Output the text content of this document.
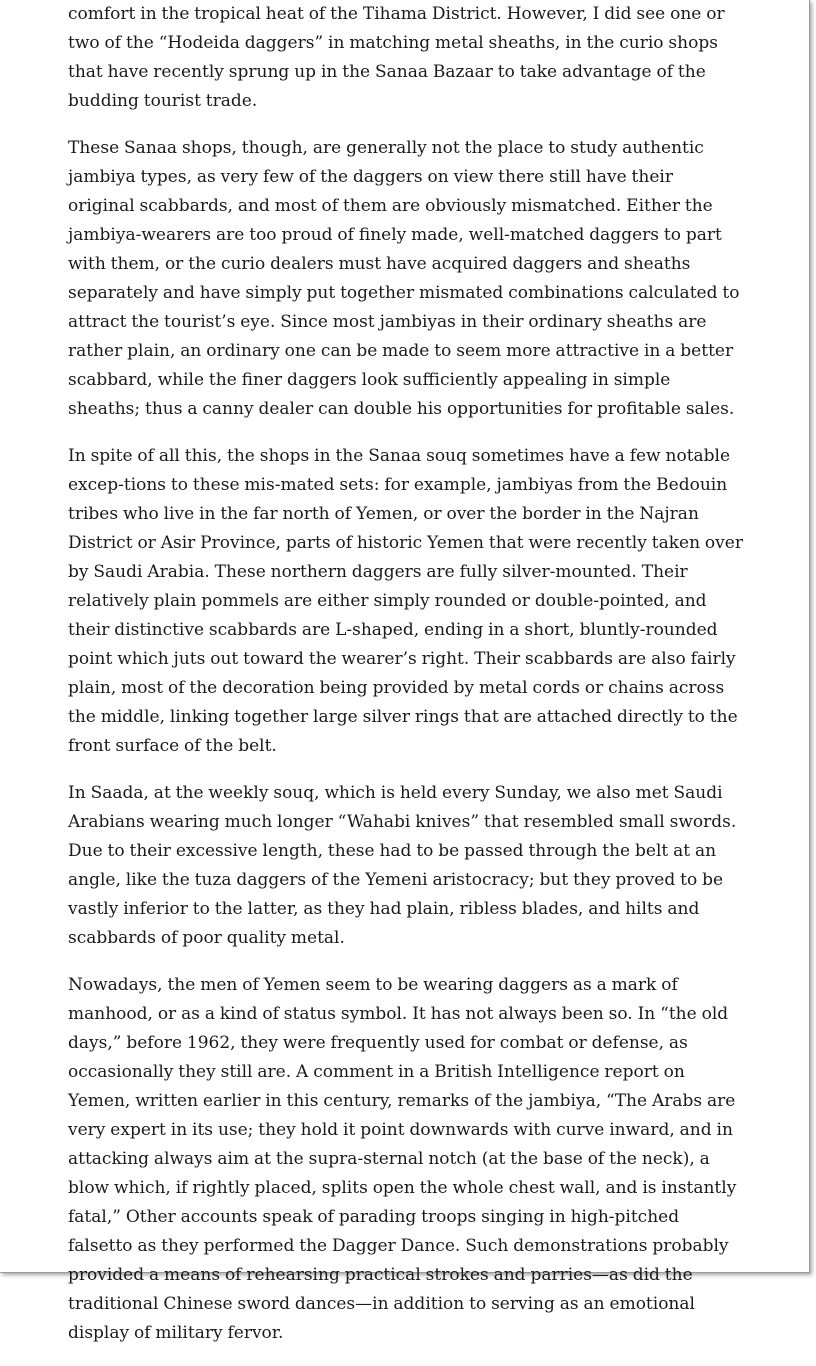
comfort in the tropical heat of the Tihama District. However, I did see one or two of the “Hodeida daggers” in matching metal sheaths, in the curio shops that have recently sprung up in the Sanaa Bazaar to take advantage of the budding tourist trade.

These Sanaa shops, though, are generally not the place to study authentic jambiya types, as very few of the daggers on view there still have their original scabbards, and most of them are obviously mismatched. Either the jambiya-wearers are too proud of finely made, well-matched daggers to part with them, or the curio dealers must have acquired daggers and sheaths separately and have simply put together mismated combinations calculated to attract the tourist’s eye. Since most jambiyas in their ordinary sheaths are rather plain, an ordinary one can be made to seem more attractive in a better scabbard, while the finer daggers look sufficiently appealing in simple sheaths; thus a canny dealer can double his opportunities for profitable sales.

In spite of all this, the shops in the Sanaa souq sometimes have a few notable excep-tions to these mis-mated sets: for example, jambiyas from the Bedouin tribes who live in the far north of Yemen, or over the border in the Najran District or Asir Province, parts of historic Yemen that were recently taken over by Saudi Arabia. These northern daggers are fully silver-mounted. Their relatively plain pommels are either simply rounded or double-pointed, and their distinctive scabbards are L-shaped, ending in a short, bluntly-rounded point which juts out toward the wearer’s right. Their scabbards are also fairly plain, most of the decoration being provided by metal cords or chains across the middle, linking together large silver rings that are attached directly to the front surface of the belt.

In Saada, at the weekly souq, which is held every Sunday, we also met Saudi Arabians wearing much longer “Wahabi knives” that resembled small swords. Due to their excessive length, these had to be passed through the belt at an angle, like the tuza daggers of the Yemeni aristocracy; but they proved to be vastly inferior to the latter, as they had plain, ribless blades, and hilts and scabbards of poor quality metal.

Nowadays, the men of Yemen seem to be wearing daggers as a mark of manhood, or as a kind of status symbol. It has not always been so. In “the old days,” before 1962, they were frequently used for combat or defense, as occasionally they still are. A comment in a British Intelligence report on Yemen, written earlier in this century, remarks of the jambiya, “The Arabs are very expert in its use; they hold it point downwards with curve inward, and in attacking always aim at the supra-sternal notch (at the base of the neck), a blow which, if rightly placed, splits open the whole chest wall, and is instantly fatal,” Other accounts speak of parading troops singing in high-pitched falsetto as they performed the Dagger Dance. Such demonstrations probably provided a means of rehearsing practical strokes and parries—as did the traditional Chinese sword dances—in addition to serving as an emotional display of military fervor.
